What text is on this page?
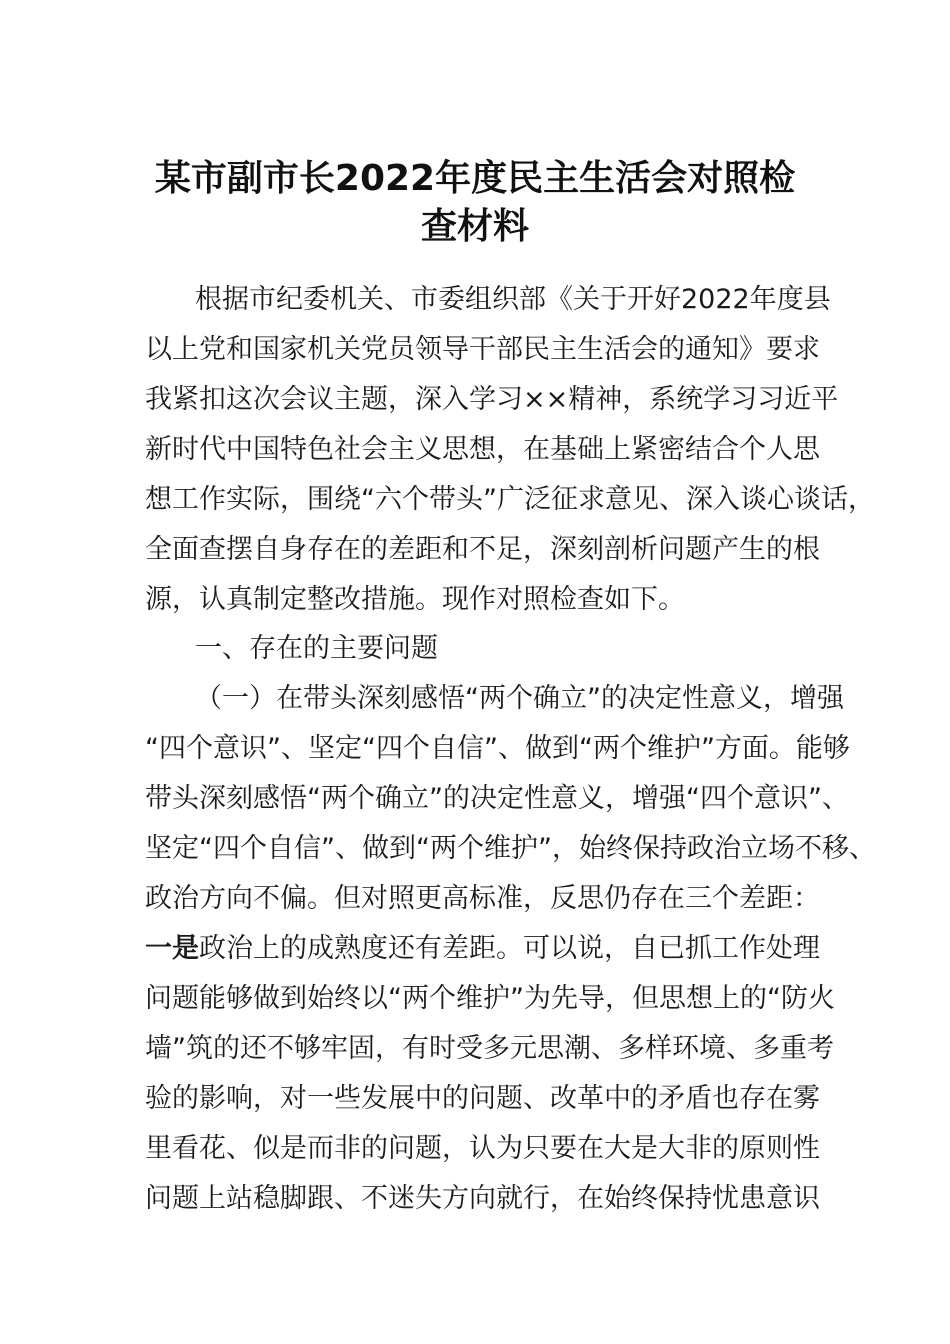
某市副市长2022年度民主生活会对照检
查材料
根据市纪委机关、市委组织部《关于开好2022年度县
以上党和国家机关党员领导干部民主生活会的通知》要求
我紧扣这次会议主题，深入学习××精神，系统学习习近平
新时代中国特色社会主义思想，在基础上紧密结合个人思
想工作实际，围绕“六个带头”广泛征求意见、深入谈心谈话，
全面查摆自身存在的差距和不足，深刻剖析问题产生的根
源，认真制定整改措施。现作对照检查如下。
一、存在的主要问题
（一）在带头深刻感悟“两个确立”的决定性意义，增强
“四个意识”、坚定“四个自信”、做到“两个维护”方面。能够
带头深刻感悟“两个确立”的决定性意义，增强“四个意识”、
坚定“四个自信”、做到“两个维护”，始终保持政治立场不移、
政治方向不偏。但对照更高标准，反思仍存在三个差距：
一是政治上的成熟度还有差距。可以说，自已抓工作处理
问题能够做到始终以“两个维护”为先导，但思想上的“防火
墙”筑的还不够牢固，有时受多元思潮、多样环境、多重考
验的影响，对一些发展中的问题、改革中的矛盾也存在雾
里看花、似是而非的问题，认为只要在大是大非的原则性
问题上站稳脚跟、不迷失方向就行，在始终保持忧患意识
